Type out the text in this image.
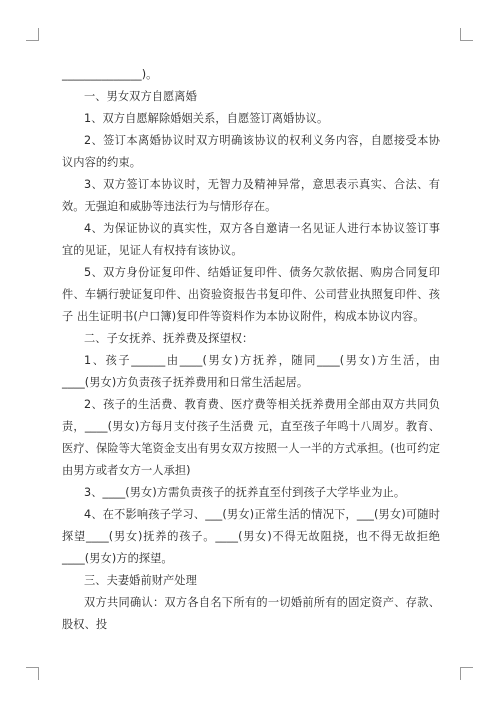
______________)。

一、男女双方自愿离婚

1、双方自愿解除婚姻关系，自愿签订离婚协议。

2、签订本离婚协议时双方明确该协议的权利义务内容，自愿接受本协议内容的约束。

3、双方签订本协议时，无智力及精神异常，意思表示真实、合法、有效。无强迫和威胁等违法行为与情形存在。

4、为保证协议的真实性，双方各自邀请一名见证人进行本协议签订事宜的见证，见证人有权持有该协议。

5、双方身份证复印件、结婚证复印件、债务欠款依据、购房合同复印件、车辆行驶证复印件、出资验资报告书复印件、公司营业执照复印件、孩子 出生证明书(户口簿)复印件等资料作为本协议附件，构成本协议内容。

二、子女抚养、抚养费及探望权：

1、孩子______由____(男女)方抚养，随同____(男女)方生活，由____(男女)方负责孩子抚养费用和日常生活起居。

2、孩子的生活费、教育费、医疗费等相关抚养费用全部由双方共同负责，____(男女)方每月支付孩子生活费 元，直至孩子年鸣十八周岁。教育、医疗、保险等大笔资金支出有男女双方按照一人一半的方式承担。(也可约定由男方或者女方一人承担)

3、____(男女)方需负责孩子的抚养直至付到孩子大学毕业为止。

4、在不影响孩子学习、___(男女)正常生活的情况下，___(男女)可随时探望____(男女)抚养的孩子。____(男女)不得无故阻挠，也不得无故拒绝____(男女)方的探望。

三、夫妻婚前财产处理

双方共同确认：双方各自名下所有的一切婚前所有的固定资产、存款、股权、投
